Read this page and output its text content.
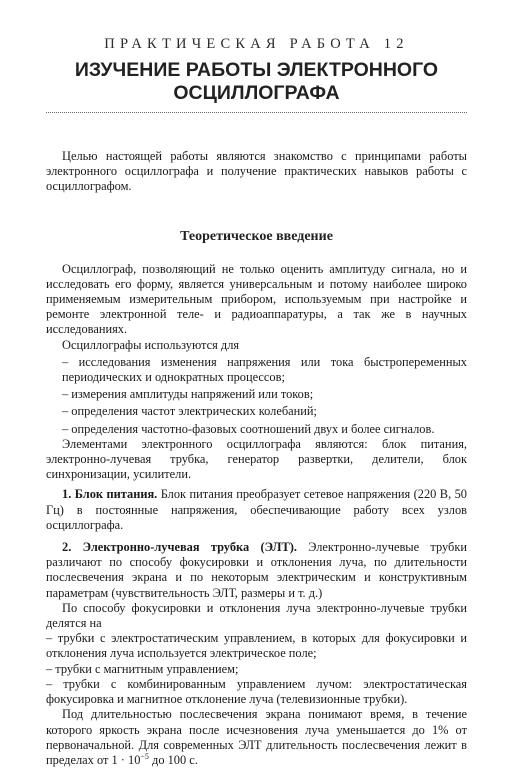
ПРАКТИЧЕСКАЯ РАБОТА 12
ИЗУЧЕНИЕ РАБОТЫ ЭЛЕКТРОННОГО
ОСЦИЛЛОГРАФА

Целью настоящей работы являются знакомство с принципами работы электронного осциллографа и получение практических навыков работы с осциллографом.

Теоретическое введение

Осциллограф, позволяющий не только оценить амплитуду сигнала, но и исследовать его форму, является универсальным и потому наиболее широко применяемым измерительным прибором, используемым при настройке и ремонте электронной теле- и радиоаппаратуры, а так же в научных исследованиях.

Осциллографы используются для

– исследования изменения напряжения или тока быстропеременных периодических и однократных процессов;

– измерения амплитуды напряжений или токов;

– определения частот электрических колебаний;

– определения частотно-фазовых соотношений двух и более сигналов.

Элементами электронного осциллографа являются: блок питания, электронно-лучевая трубка, генератор развертки, делители, блок синхронизации, усилители.

1. Блок питания. Блок питания преобразует сетевое напряжения (220 В, 50 Гц) в постоянные напряжения, обеспечивающие работу всех узлов осциллографа.

2. Электронно-лучевая трубка (ЭЛТ). Электронно-лучевые трубки различают по способу фокусировки и отклонения луча, по длительности послесвечения экрана и по некоторым электрическим и конструктивным параметрам (чувствительность ЭЛТ, размеры и т. д.)

По способу фокусировки и отклонения луча электронно-лучевые трубки делятся на

– трубки с электростатическим управлением, в которых для фокусировки и отклонения луча используется электрическое поле;

– трубки с магнитным управлением;

– трубки с комбинированным управлением лучом: электростатическая фокусировка и магнитное отклонение луча (телевизионные трубки).

Под длительностью послесвечения экрана понимают время, в течение которого яркость экрана после исчезновения луча уменьшается до 1% от первоначальной. Для современных ЭЛТ длительность послесвечения лежит в пределах от $1 \cdot 10^{-5}$ до 100 с.
